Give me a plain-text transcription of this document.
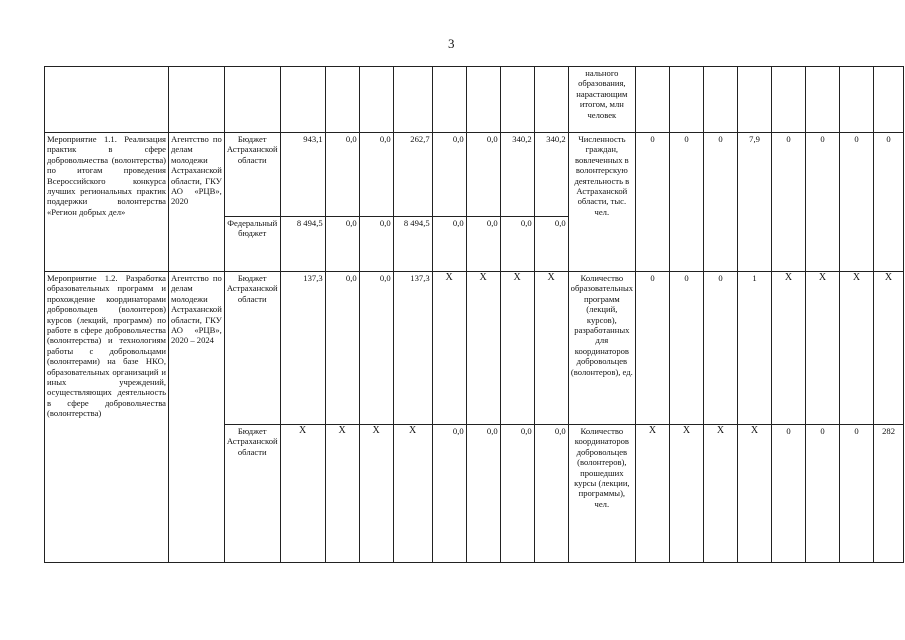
3
											нального образования, нарастающим итогом, млн человек								
Мероприятие 1.1. Реализация практик в сфере добровольчества (волонтерства) по итогам проведения Всероссийского конкурса лучших региональных практик поддержки волонтерства «Регион добрых дел»	Агентство по делам молодежи Астраханской области, ГКУ АО «РЦВ», 2020	Бюджет Астраханской области	943,1	0,0	0,0	262,7	0,0	0,0	340,2	340,2	Численность граждан, вовлеченных в волонтерскую деятельность в Астраханской области, тыс. чел.	0	0	0	7,9	0	0	0	0
		Федеральный бюджет	8 494,5	0,0	0,0	8 494,5	0,0	0,0	0,0	0,0									
Мероприятие 1.2. Разработка образовательных программ и прохождение координаторами добровольцев (волонтеров) курсов (лекций, программ) по работе в сфере добровольчества (волонтерства) и технологиям работы с добровольцами (волонтерами) на базе НКО, образовательных организаций и иных учреждений, осуществляющих деятельность в сфере добровольчества (волонтерства)	Агентство по делам молодежи Астраханской области, ГКУ АО «РЦВ», 2020 – 2024	Бюджет Астраханской области	137,3	0,0	0,0	137,3	Х	Х	Х	Х	Количество образовательных программ (лекций, курсов), разработанных для координаторов добровольцев (волонтеров), ед.	0	0	0	1	Х	Х	Х	Х
		Бюджет Астраханской области	Х	Х	Х	Х	0,0	0,0	0,0	0,0	Количество координаторов добровольцев (волонтеров), прошедших курсы (лекции, программы), чел.	Х	Х	Х	Х	0	0	0	282
